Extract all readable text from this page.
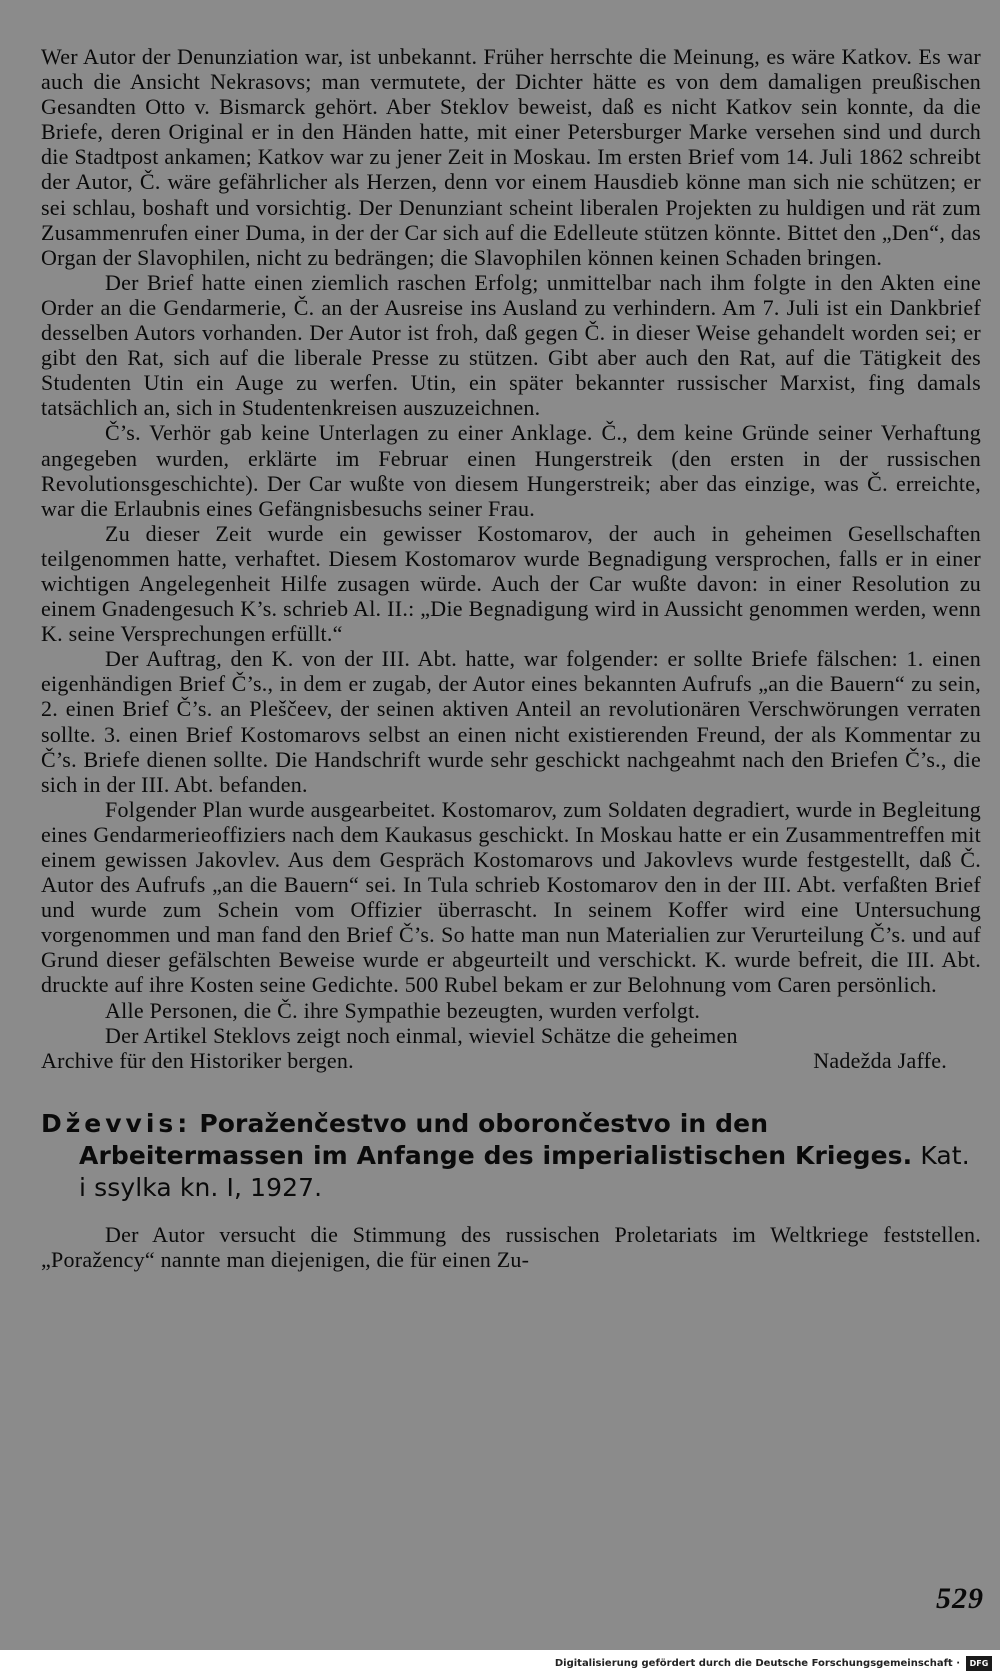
Wer Autor der Denunziation war, ist unbekannt. Früher herrschte die Meinung, es wäre Katkov. Es war auch die Ansicht Nekrasovs; man vermutete, der Dichter hätte es von dem damaligen preußischen Gesandten Otto v. Bismarck gehört. Aber Steklov beweist, daß es nicht Katkov sein konnte, da die Briefe, deren Original er in den Händen hatte, mit einer Petersburger Marke versehen sind und durch die Stadtpost ankamen; Katkov war zu jener Zeit in Moskau. Im ersten Brief vom 14. Juli 1862 schreibt der Autor, Č. wäre gefährlicher als Herzen, denn vor einem Hausdieb könne man sich nie schützen; er sei schlau, boshaft und vorsichtig. Der Denunziant scheint liberalen Projekten zu huldigen und rät zum Zusammenrufen einer Duma, in der der Car sich auf die Edelleute stützen könnte. Bittet den „Den“, das Organ der Slavophilen, nicht zu bedrängen; die Slavophilen können keinen Schaden bringen.

Der Brief hatte einen ziemlich raschen Erfolg; unmittelbar nach ihm folgte in den Akten eine Order an die Gendarmerie, Č. an der Ausreise ins Ausland zu verhindern. Am 7. Juli ist ein Dankbrief desselben Autors vorhanden. Der Autor ist froh, daß gegen Č. in dieser Weise gehandelt worden sei; er gibt den Rat, sich auf die liberale Presse zu stützen. Gibt aber auch den Rat, auf die Tätigkeit des Studenten Utin ein Auge zu werfen. Utin, ein später bekannter russischer Marxist, fing damals tatsächlich an, sich in Studentenkreisen auszuzeichnen.

Č’s. Verhör gab keine Unterlagen zu einer Anklage. Č., dem keine Gründe seiner Verhaftung angegeben wurden, erklärte im Februar einen Hungerstreik (den ersten in der russischen Revolutionsgeschichte). Der Car wußte von diesem Hungerstreik; aber das einzige, was Č. erreichte, war die Erlaubnis eines Gefängnisbesuchs seiner Frau.

Zu dieser Zeit wurde ein gewisser Kostomarov, der auch in geheimen Gesellschaften teilgenommen hatte, verhaftet. Diesem Kostomarov wurde Begnadigung versprochen, falls er in einer wichtigen Angelegenheit Hilfe zusagen würde. Auch der Car wußte davon: in einer Resolution zu einem Gnadengesuch K’s. schrieb Al. II.: „Die Begnadigung wird in Aussicht genommen werden, wenn K. seine Versprechungen erfüllt.“

Der Auftrag, den K. von der III. Abt. hatte, war folgender: er sollte Briefe fälschen: 1. einen eigenhändigen Brief Č’s., in dem er zugab, der Autor eines bekannten Aufrufs „an die Bauern“ zu sein, 2. einen Brief Č’s. an Pleščeev, der seinen aktiven Anteil an revolutionären Verschwörungen verraten sollte. 3. einen Brief Kostomarovs selbst an einen nicht existierenden Freund, der als Kommentar zu Č’s. Briefe dienen sollte. Die Handschrift wurde sehr geschickt nachgeahmt nach den Briefen Č’s., die sich in der III. Abt. befanden.

Folgender Plan wurde ausgearbeitet. Kostomarov, zum Soldaten degradiert, wurde in Begleitung eines Gendarmerieoffiziers nach dem Kaukasus geschickt. In Moskau hatte er ein Zusammentreffen mit einem gewissen Jakovlev. Aus dem Gespräch Kostomarovs und Jakovlevs wurde festgestellt, daß Č. Autor des Aufrufs „an die Bauern“ sei. In Tula schrieb Kostomarov den in der III. Abt. verfaßten Brief und wurde zum Schein vom Offizier überrascht. In seinem Koffer wird eine Untersuchung vorgenommen und man fand den Brief Č’s. So hatte man nun Materialien zur Verurteilung Č’s. und auf Grund dieser gefälschten Beweise wurde er abgeurteilt und verschickt. K. wurde befreit, die III. Abt. druckte auf ihre Kosten seine Gedichte. 500 Rubel bekam er zur Belohnung vom Caren persönlich.

Alle Personen, die Č. ihre Sympathie bezeugten, wurden verfolgt.

Der Artikel Steklovs zeigt noch einmal, wieviel Schätze die geheimen

Archive für den Historiker bergen.	Nadežda Jaffe.
Dževvis: Poraženčestvo und oborončestvo in den Arbeitermassen im Anfange des imperialistischen Krieges. Kat. i ssylka kn. I, 1927.

Der Autor versucht die Stimmung des russischen Proletariats im Weltkriege feststellen. „Poražency“ nannte man diejenigen, die für einen Zu-

529
Digitalisierung gefördert durch die Deutsche Forschungsgemeinschaft ·	DFG
